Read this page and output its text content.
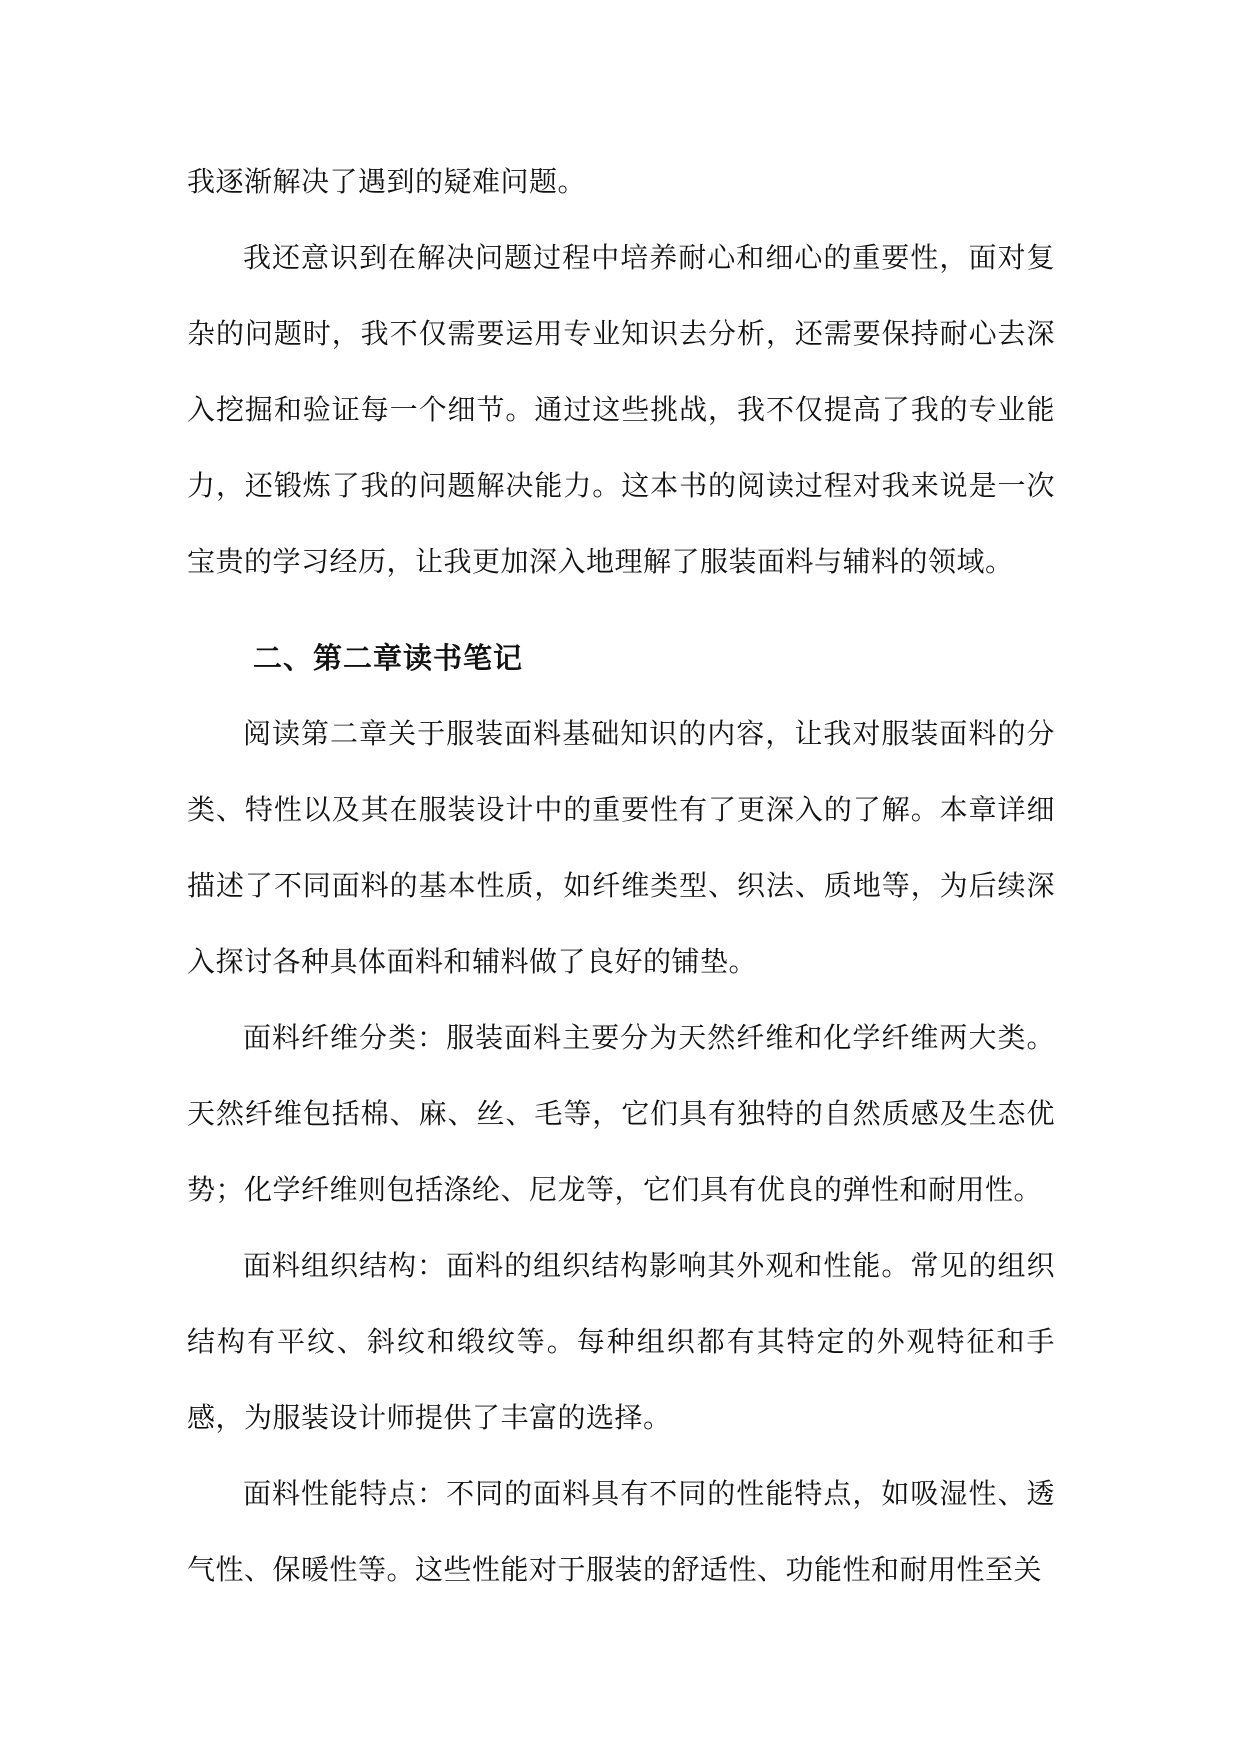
我逐渐解决了遇到的疑难问题。

我还意识到在解决问题过程中培养耐心和细心的重要性，面对复杂的问题时，我不仅需要运用专业知识去分析，还需要保持耐心去深入挖掘和验证每一个细节。通过这些挑战，我不仅提高了我的专业能力，还锻炼了我的问题解决能力。这本书的阅读过程对我来说是一次宝贵的学习经历，让我更加深入地理解了服装面料与辅料的领域。

二、第二章读书笔记

阅读第二章关于服装面料基础知识的内容，让我对服装面料的分类、特性以及其在服装设计中的重要性有了更深入的了解。本章详细描述了不同面料的基本性质，如纤维类型、织法、质地等，为后续深入探讨各种具体面料和辅料做了良好的铺垫。

面料纤维分类：服装面料主要分为天然纤维和化学纤维两大类。天然纤维包括棉、麻、丝、毛等，它们具有独特的自然质感及生态优势；化学纤维则包括涤纶、尼龙等，它们具有优良的弹性和耐用性。

面料组织结构：面料的组织结构影响其外观和性能。常见的组织结构有平纹、斜纹和缎纹等。每种组织都有其特定的外观特征和手感，为服装设计师提供了丰富的选择。

面料性能特点：不同的面料具有不同的性能特点，如吸湿性、透气性、保暖性等。这些性能对于服装的舒适性、功能性和耐用性至关
